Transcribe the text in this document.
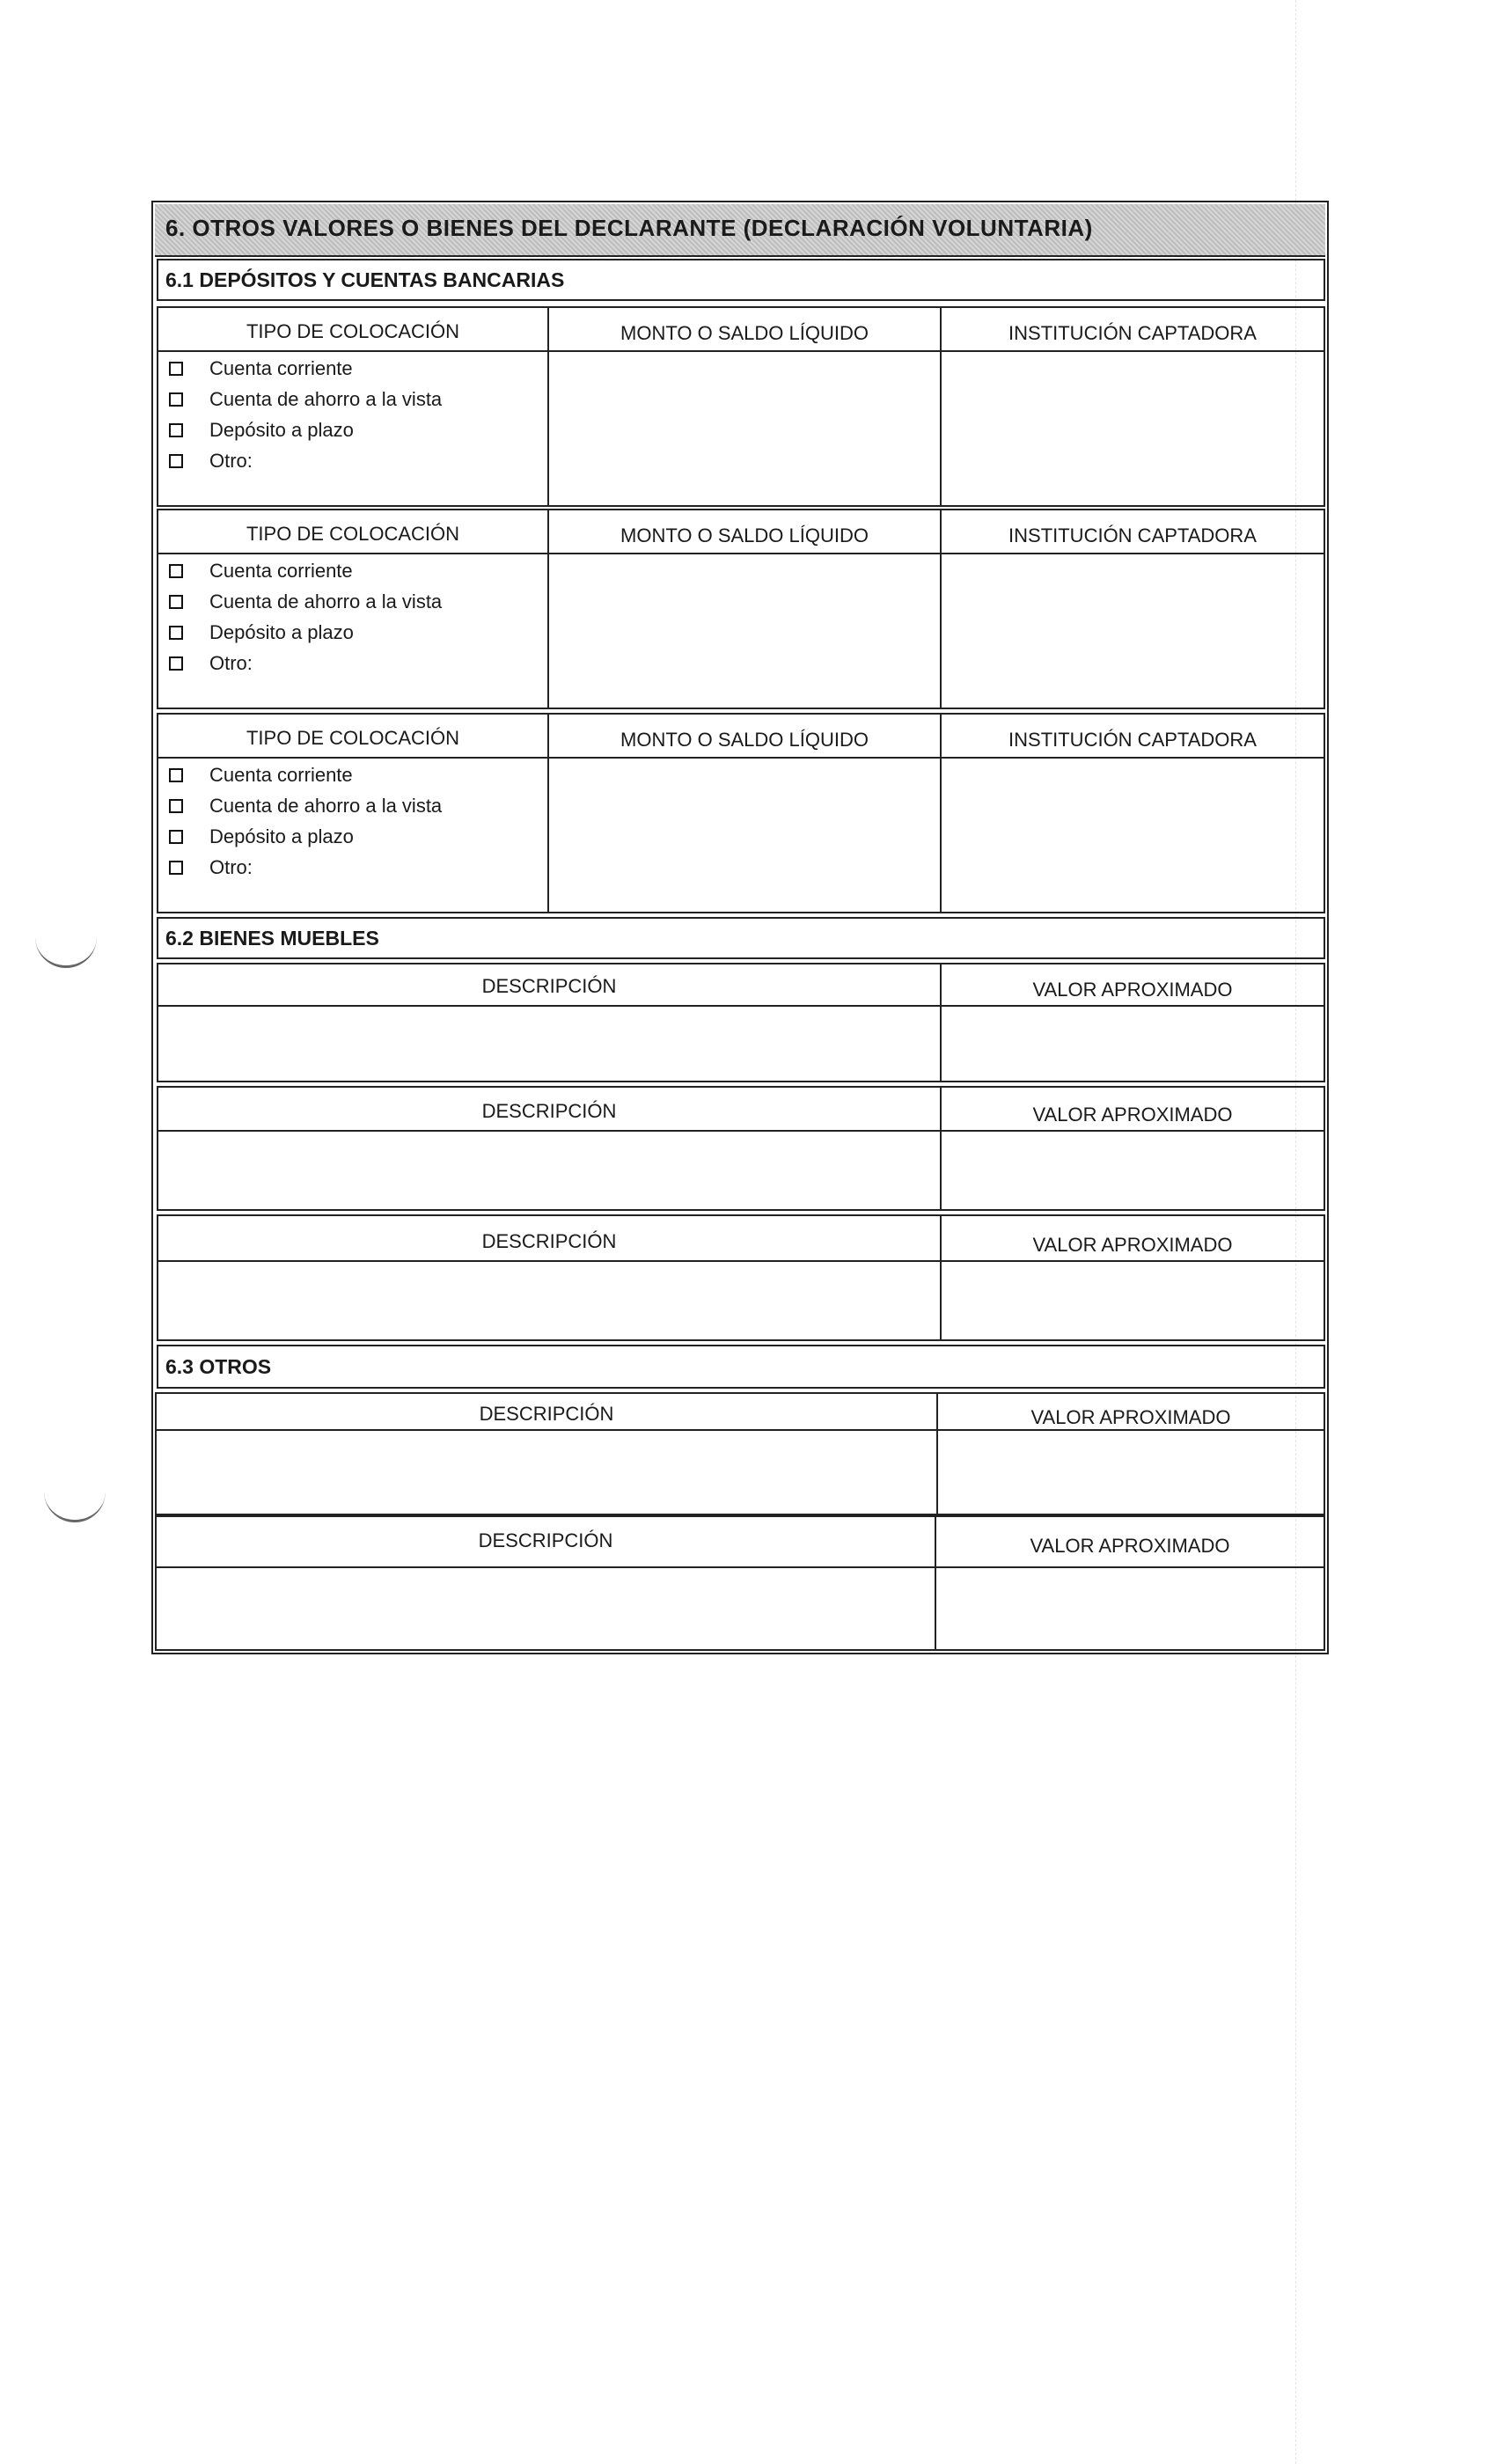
6. OTROS VALORES O BIENES DEL DECLARANTE (DECLARACIÓN VOLUNTARIA)
6.1 DEPÓSITOS Y CUENTAS BANCARIAS
TIPO DE COLOCACIÓN	MONTO O SALDO LÍQUIDO	INSTITUCIÓN CAPTADORA
Cuenta corriente
Cuenta de ahorro a la vista
Depósito a plazo
Otro:
TIPO DE COLOCACIÓN	MONTO O SALDO LÍQUIDO	INSTITUCIÓN CAPTADORA
Cuenta corriente
Cuenta de ahorro a la vista
Depósito a plazo
Otro:
TIPO DE COLOCACIÓN	MONTO O SALDO LÍQUIDO	INSTITUCIÓN CAPTADORA
Cuenta corriente
Cuenta de ahorro a la vista
Depósito a plazo
Otro:
6.2 BIENES MUEBLES
DESCRIPCIÓN	VALOR APROXIMADO
DESCRIPCIÓN	VALOR APROXIMADO
DESCRIPCIÓN	VALOR APROXIMADO
6.3 OTROS
DESCRIPCIÓN	VALOR APROXIMADO
DESCRIPCIÓN	VALOR APROXIMADO
